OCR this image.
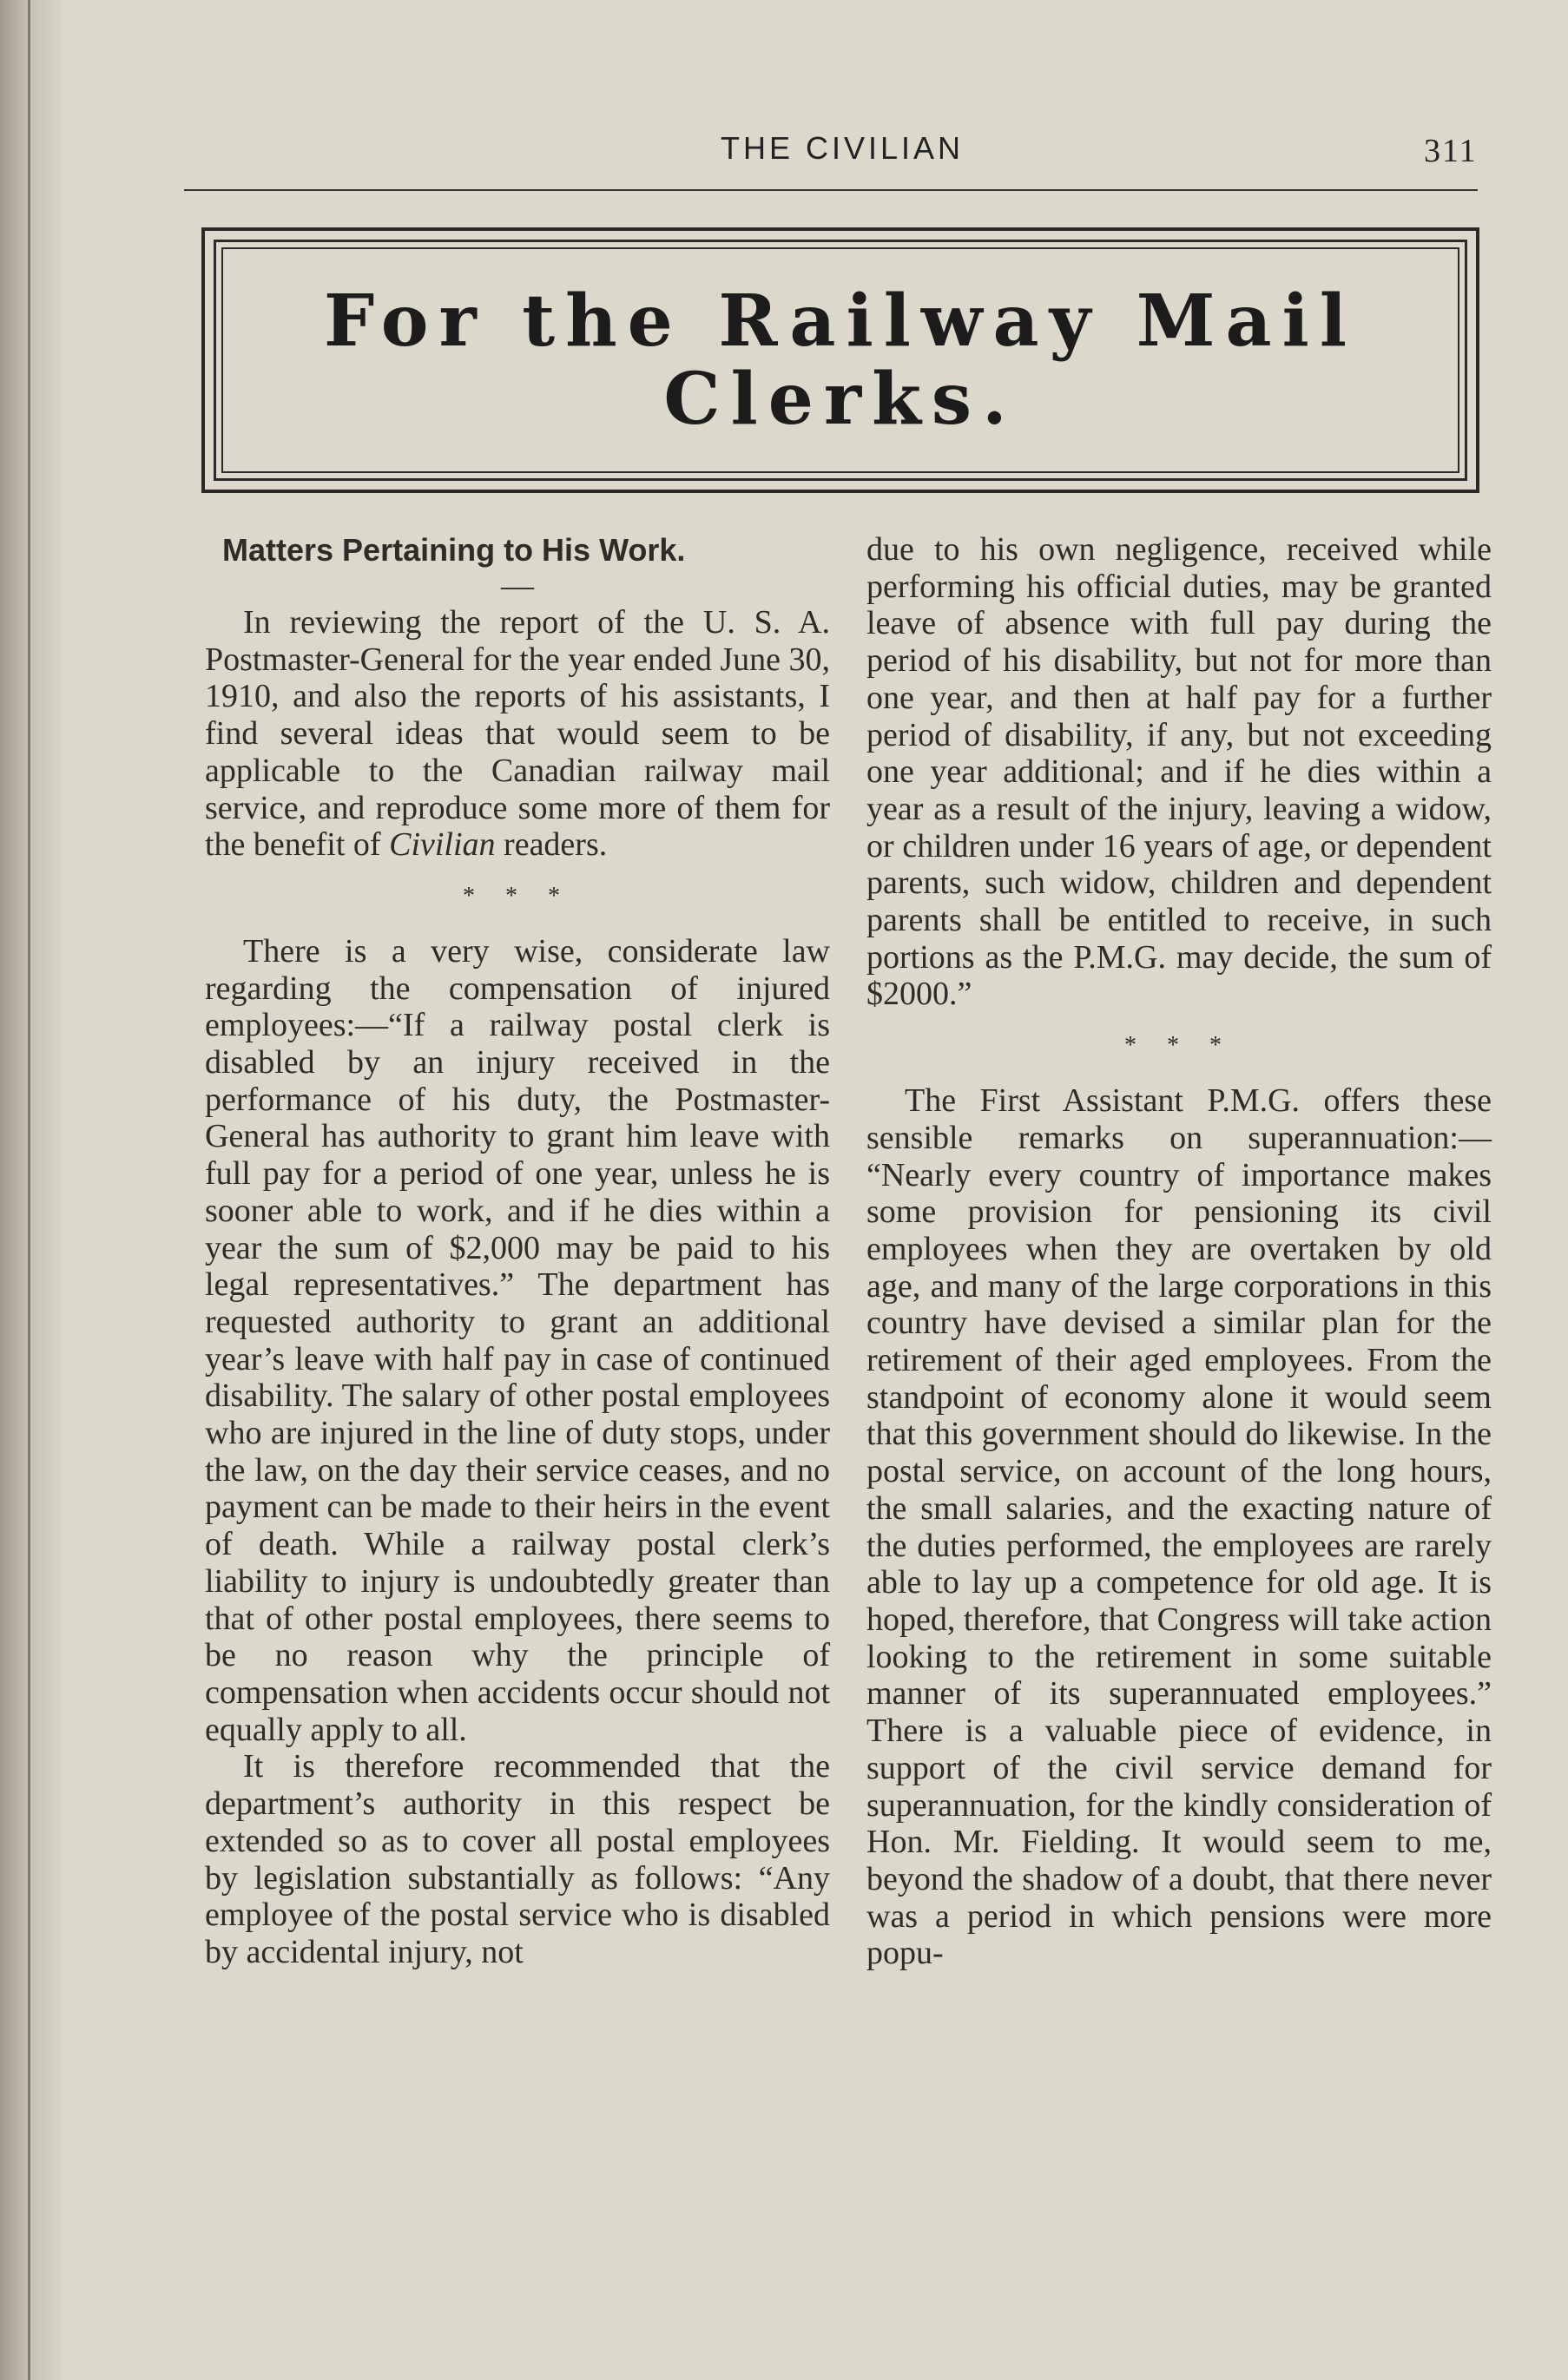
THE CIVILIAN	311
For the Railway Mail
Clerks.
Matters Pertaining to His Work.
—

In reviewing the report of the U. S. A. Postmaster-General for the year ended June 30, 1910, and also the reports of his assistants, I find several ideas that would seem to be applicable to the Canadian railway mail service, and reproduce some more of them for the benefit of Civilian readers.

* * *

There is a very wise, considerate law regarding the compensation of injured employees:—“If a railway postal clerk is disabled by an injury received in the performance of his duty, the Postmaster-General has authority to grant him leave with full pay for a period of one year, unless he is sooner able to work, and if he dies within a year the sum of $2,000 may be paid to his legal representatives.” The department has requested authority to grant an additional year’s leave with half pay in case of continued disability. The salary of other postal employees who are injured in the line of duty stops, under the law, on the day their service ceases, and no payment can be made to their heirs in the event of death. While a railway postal clerk’s liability to injury is undoubtedly greater than that of other postal employees, there seems to be no reason why the principle of compensation when accidents occur should not equally apply to all.

It is therefore recommended that the department’s authority in this respect be extended so as to cover all postal employees by legislation substantially as follows: “Any employee of the postal service who is disabled by accidental injury, not

due to his own negligence, received while performing his official duties, may be granted leave of absence with full pay during the period of his disability, but not for more than one year, and then at half pay for a further period of disability, if any, but not exceeding one year additional; and if he dies within a year as a result of the injury, leaving a widow, or children under 16 years of age, or dependent parents, such widow, children and dependent parents shall be entitled to receive, in such portions as the P.M.G. may decide, the sum of $2000.”

* * *

The First Assistant P.M.G. offers these sensible remarks on superannuation:— “Nearly every country of importance makes some provision for pensioning its civil employees when they are overtaken by old age, and many of the large corporations in this country have devised a similar plan for the retirement of their aged employees. From the standpoint of economy alone it would seem that this government should do likewise. In the postal service, on account of the long hours, the small salaries, and the exacting nature of the duties performed, the employees are rarely able to lay up a competence for old age. It is hoped, therefore, that Congress will take action looking to the retirement in some suitable manner of its superannuated employees.” There is a valuable piece of evidence, in support of the civil service demand for superannuation, for the kindly consideration of Hon. Mr. Fielding. It would seem to me, beyond the shadow of a doubt, that there never was a period in which pensions were more popu-
